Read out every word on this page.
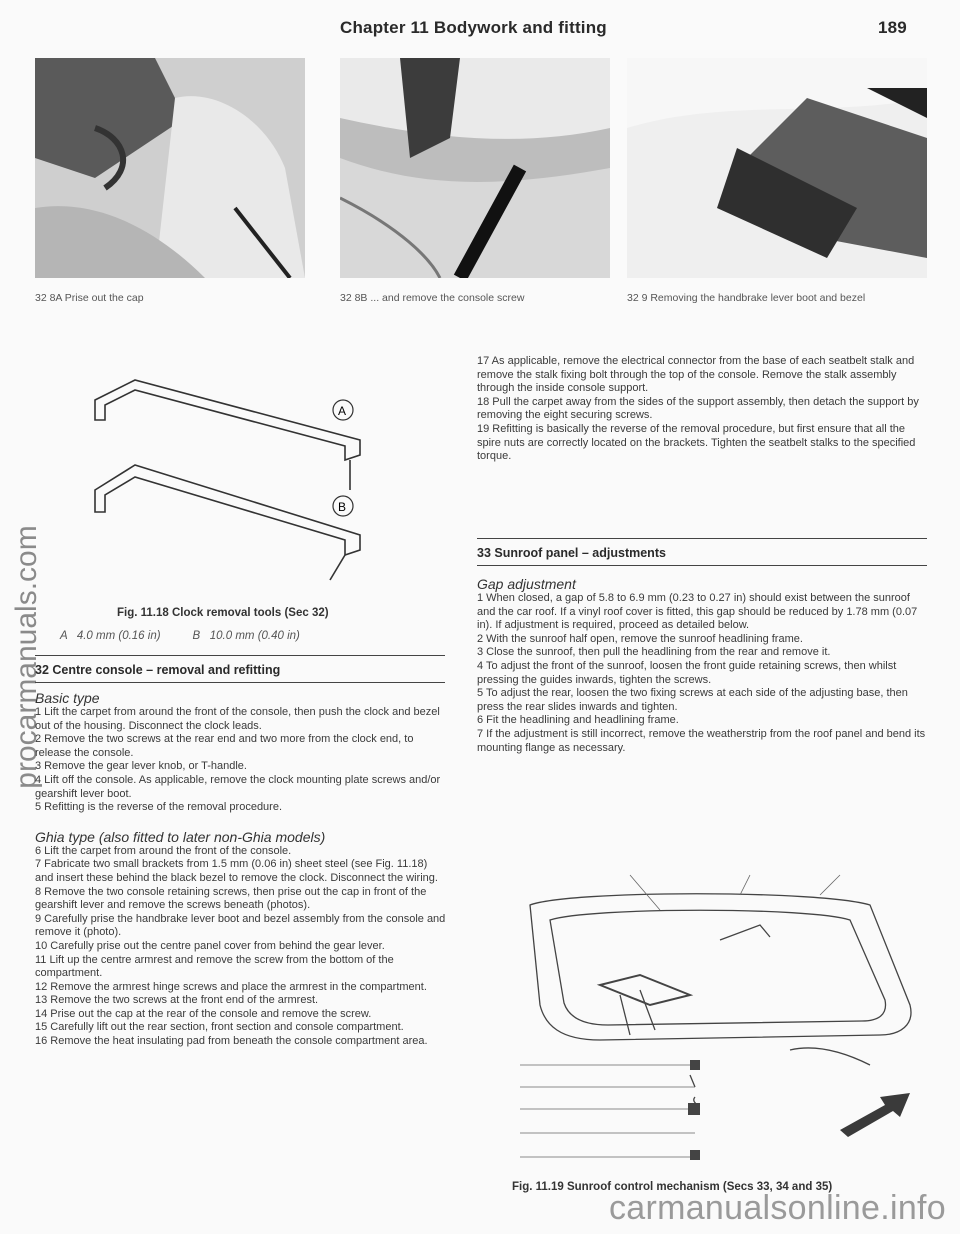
Chapter 11 Bodywork and fitting	189
procarmanuals.com
32 8A Prise out the cap	32 8B ... and remove the console screw	32 9 Removing the handbrake lever boot and bezel
A
B
Fig. 11.18 Clock removal tools (Sec 32)
A   4.0 mm (0.16 in)          B   10.0 mm (0.40 in)
32 Centre console – removal and refitting
Basic type

1 Lift the carpet from around the front of the console, then push the clock and bezel out of the housing. Disconnect the clock leads.

2 Remove the two screws at the rear end and two more from the clock end, to release the console.

3 Remove the gear lever knob, or T-handle.

4 Lift off the console. As applicable, remove the clock mounting plate screws and/or gearshift lever boot.

5 Refitting is the reverse of the removal procedure.

Ghia type (also fitted to later non-Ghia models)

6 Lift the carpet from around the front of the console.

7 Fabricate two small brackets from 1.5 mm (0.06 in) sheet steel (see Fig. 11.18) and insert these behind the black bezel to remove the clock. Disconnect the wiring.

8 Remove the two console retaining screws, then prise out the cap in front of the gearshift lever and remove the screws beneath (photos).

9 Carefully prise the handbrake lever boot and bezel assembly from the console and remove it (photo).

10 Carefully prise out the centre panel cover from behind the gear lever.

11 Lift up the centre armrest and remove the screw from the bottom of the compartment.

12 Remove the armrest hinge screws and place the armrest in the compartment.

13 Remove the two screws at the front end of the armrest.

14 Prise out the cap at the rear of the console and remove the screw.

15 Carefully lift out the rear section, front section and console compartment.

16 Remove the heat insulating pad from beneath the console compartment area.

17 As applicable, remove the electrical connector from the base of each seatbelt stalk and remove the stalk fixing bolt through the top of the console. Remove the stalk assembly through the inside console support.

18 Pull the carpet away from the sides of the support assembly, then detach the support by removing the eight securing screws.

19 Refitting is basically the reverse of the removal procedure, but first ensure that all the spire nuts are correctly located on the brackets. Tighten the seatbelt stalks to the specified torque.

33 Sunroof panel – adjustments
Gap adjustment

1 When closed, a gap of 5.8 to 6.9 mm (0.23 to 0.27 in) should exist between the sunroof and the car roof. If a vinyl roof cover is fitted, this gap should be reduced by 1.78 mm (0.07 in). If adjustment is required, proceed as detailed below.

2 With the sunroof half open, remove the sunroof headlining frame.

3 Close the sunroof, then pull the headlining from the rear and remove it.

4 To adjust the front of the sunroof, loosen the front guide retaining screws, then whilst pressing the guides inwards, tighten the screws.

5 To adjust the rear, loosen the two fixing screws at each side of the adjusting base, then press the rear slides inwards and tighten.

6 Fit the headlining and headlining frame.

7 If the adjustment is still incorrect, remove the weatherstrip from the roof panel and bend its mounting flange as necessary.

Fig. 11.19 Sunroof control mechanism (Secs 33, 34 and 35)
carmanualsonline.info
